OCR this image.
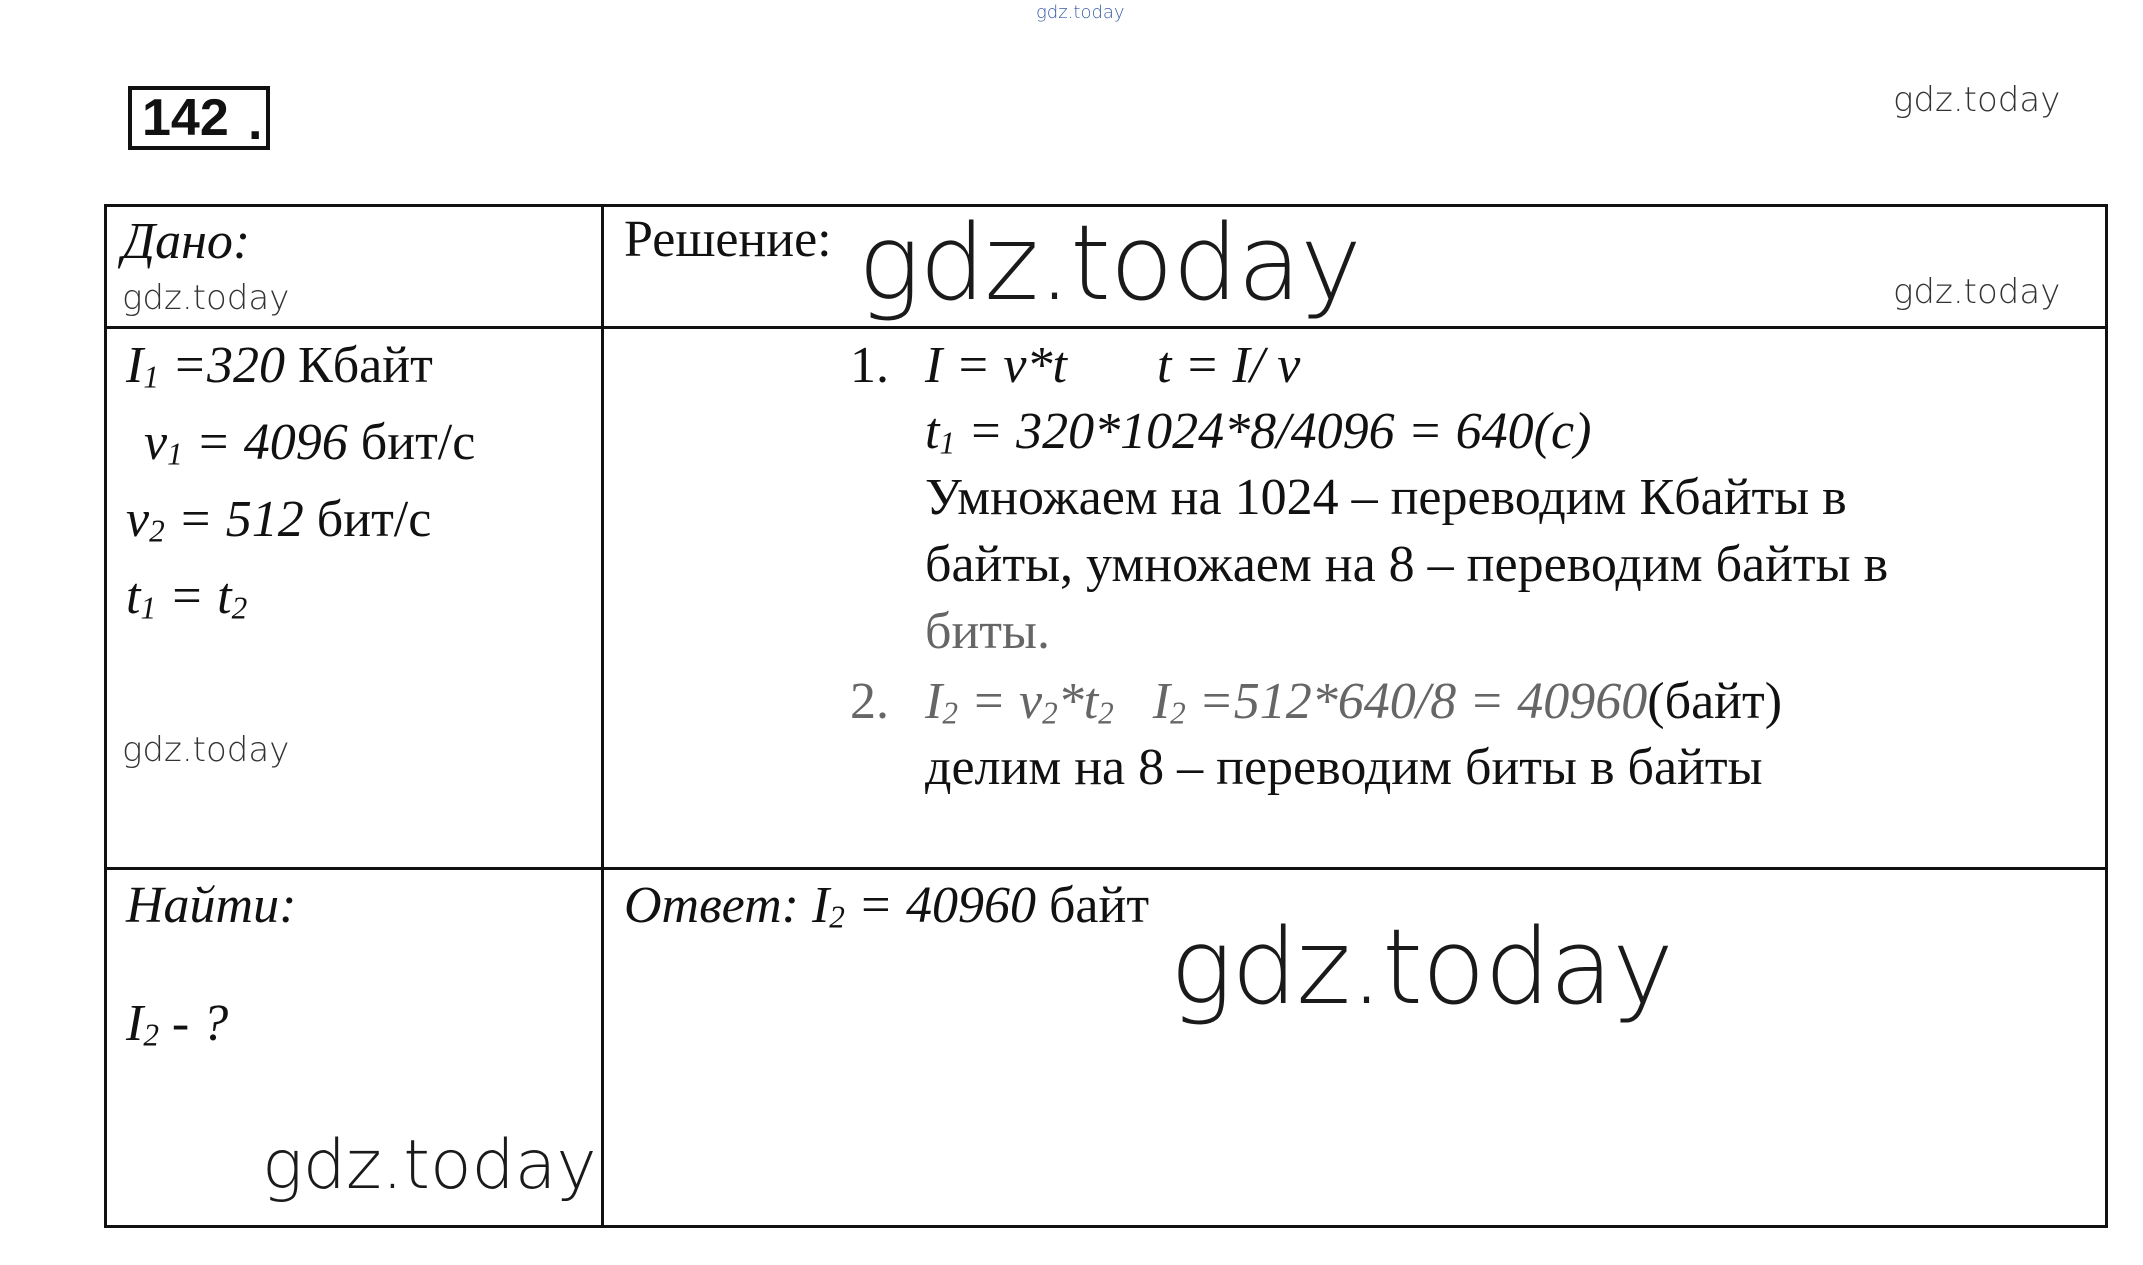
gdz.today
gdz.today
142 .
Дано:
gdz.today
Решение: gdz.today	gdz.today
$I_1 =320$ Кбайт
$v_1 = 4096$ бит/с
$v_2 = 512$ бит/с
$t_1 = t_2$
gdz.today
1. I = v*t t = I/ v
$t_1 = 320*1024*8/4096 = 640(c)$
Умножаем на 1024 – переводим Кбайты в
байты, умножаем на 8 – переводим байты в
биты.
2. $I_2 = v_2*t_2$   $I_2 =512*640/8$ = 40960(байт)
делим на 8 – переводим биты в байты
Найти:
$I_2$ - ?
gdz.today
Ответ: $I_2 = 40960$ байт
gdz.today
